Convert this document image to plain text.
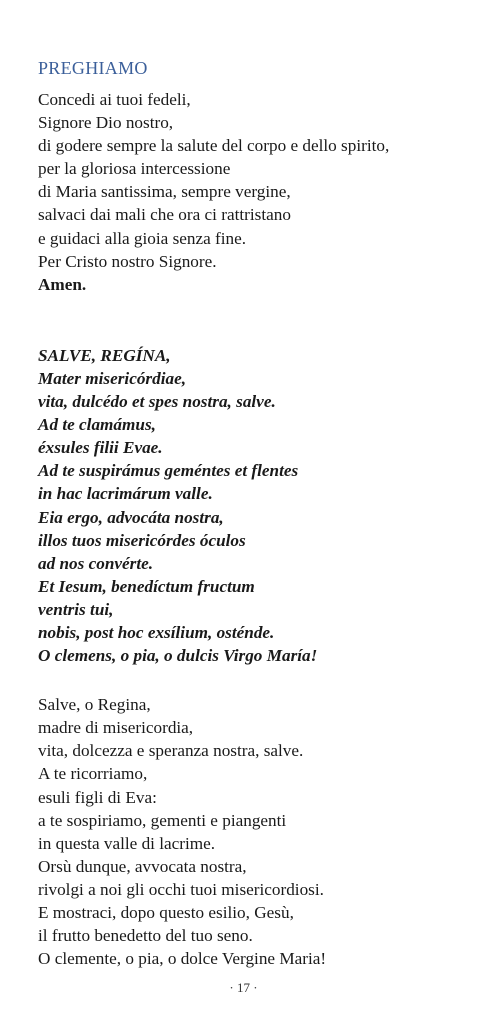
PREGHIAMO
Concedi ai tuoi fedeli,
Signore Dio nostro,
di godere sempre la salute del corpo e dello spirito,
per la gloriosa intercessione
di Maria santissima, sempre vergine,
salvaci dai mali che ora ci rattristano
e guidaci alla gioia senza fine.
Per Cristo nostro Signore.
Amen.
SALVE, REGÍNA,
Mater misericórdiae,
vita, dulcédo et spes nostra, salve.
Ad te clamámus,
éxsules filii Evae.
Ad te suspirámus geméntes et flentes
in hac lacrimárum valle.
Eia ergo, advocáta nostra,
illos tuos misericórdes óculos
ad nos convérte.
Et Iesum, benedíctum fructum
ventris tui,
nobis, post hoc exsílium, osténde.
O clemens, o pia, o dulcis Virgo María!
Salve, o Regina,
madre di misericordia,
vita, dolcezza e speranza nostra, salve.
A te ricorriamo,
esuli figli di Eva:
a te sospiriamo, gementi e piangenti
in questa valle di lacrime.
Orsù dunque, avvocata nostra,
rivolgi a noi gli occhi tuoi misericordiosi.
E mostraci, dopo questo esilio, Gesù,
il frutto benedetto del tuo seno.
O clemente, o pia, o dolce Vergine Maria!
· 17 ·
